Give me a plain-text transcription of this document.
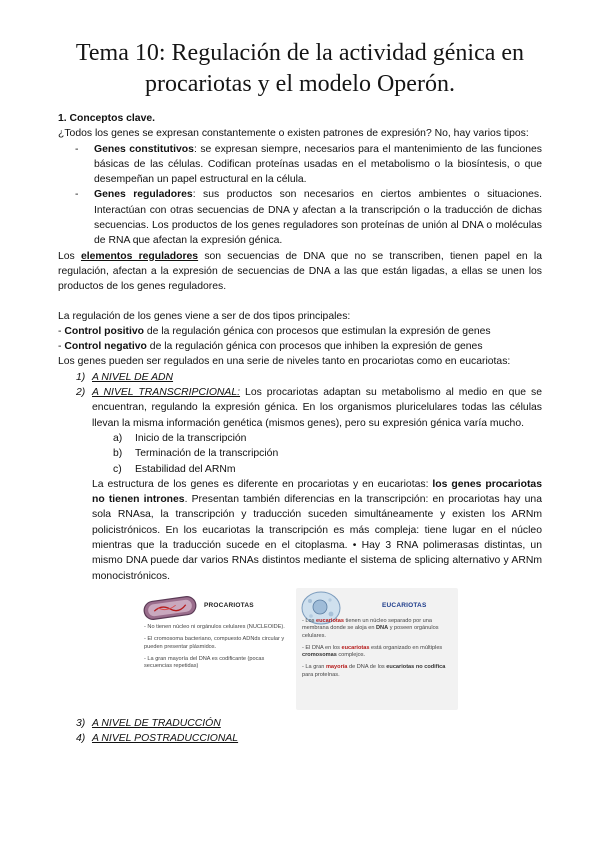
Tema 10: Regulación de la actividad génica en procariotas y el modelo Operón.

1. Conceptos clave.

¿Todos los genes se expresan constantemente o existen patrones de expresión? No, hay varios tipos:

- Genes constitutivos: se expresan siempre, necesarios para el mantenimiento de las funciones básicas de las células. Codifican proteínas usadas en el metabolismo o la biosíntesis, o que desempeñan un papel estructural en la célula.
- Genes reguladores: sus productos son necesarios en ciertos ambientes o situaciones. Interactúan con otras secuencias de DNA y afectan a la transcripción o la traducción de dichas secuencias. Los productos de los genes reguladores son proteínas de unión al DNA o moléculas de RNA que afectan la expresión génica.

Los elementos reguladores son secuencias de DNA que no se transcriben, tienen papel en la regulación, afectan a la expresión de secuencias de DNA a las que están ligadas, a ellas se unen los productos de los genes reguladores.

La regulación de los genes viene a ser de dos tipos principales:

- Control positivo de la regulación génica con procesos que estimulan la expresión de genes

- Control negativo de la regulación génica con procesos que inhiben la expresión de genes

Los genes pueden ser regulados en una serie de niveles tanto en procariotas como en eucariotas:

1) A NIVEL DE ADN
2) A NIVEL TRANSCRIPCIONAL: Los procariotas adaptan su metabolismo al medio en que se encuentran, regulando la expresión génica. En los organismos pluricelulares todas las células llevan la misma información genética (mismos genes), pero su expresión génica varía mucho.
a) Inicio de la transcripción
b) Terminación de la transcripción
c) Estabilidad del ARNm

La estructura de los genes es diferente en procariotas y en eucariotas: los genes procariotas no tienen intrones. Presentan también diferencias en la transcripción: en procariotas hay una sola RNAsa, la transcripción y traducción suceden simultáneamente y existen los ARNm policistrónicos. En los eucariotas la transcripción es más compleja: tiene lugar en el núcleo mientras que la traducción sucede en el citoplasma. • Hay 3 RNA polimerasas distintas, un mismo DNA puede dar varios RNAs distintos mediante el sistema de splicing alternativo y ARNm monocistrónicos.

PROCARIOTAS
- No tienen núcleo ni orgánulos celulares (NUCLEOIDE).
- El cromosoma bacteriano, compuesto ADNds circular y pueden presentar plásmidos.
- La gran mayoría del DNA es codificante (pocas secuencias repetidas)
EUCARIOTAS
- Los eucariotas tienen un núcleo separado por una membrana donde se aloja en DNA y poseen orgánulos celulares.
- El DNA en los eucariotas está organizado en múltiples cromosomas complejos.
- La gran mayoría de DNA de los eucariotas no codifica para proteínas.
3) A NIVEL DE TRADUCCIÓN
4) A NIVEL POSTRADUCCIONAL
